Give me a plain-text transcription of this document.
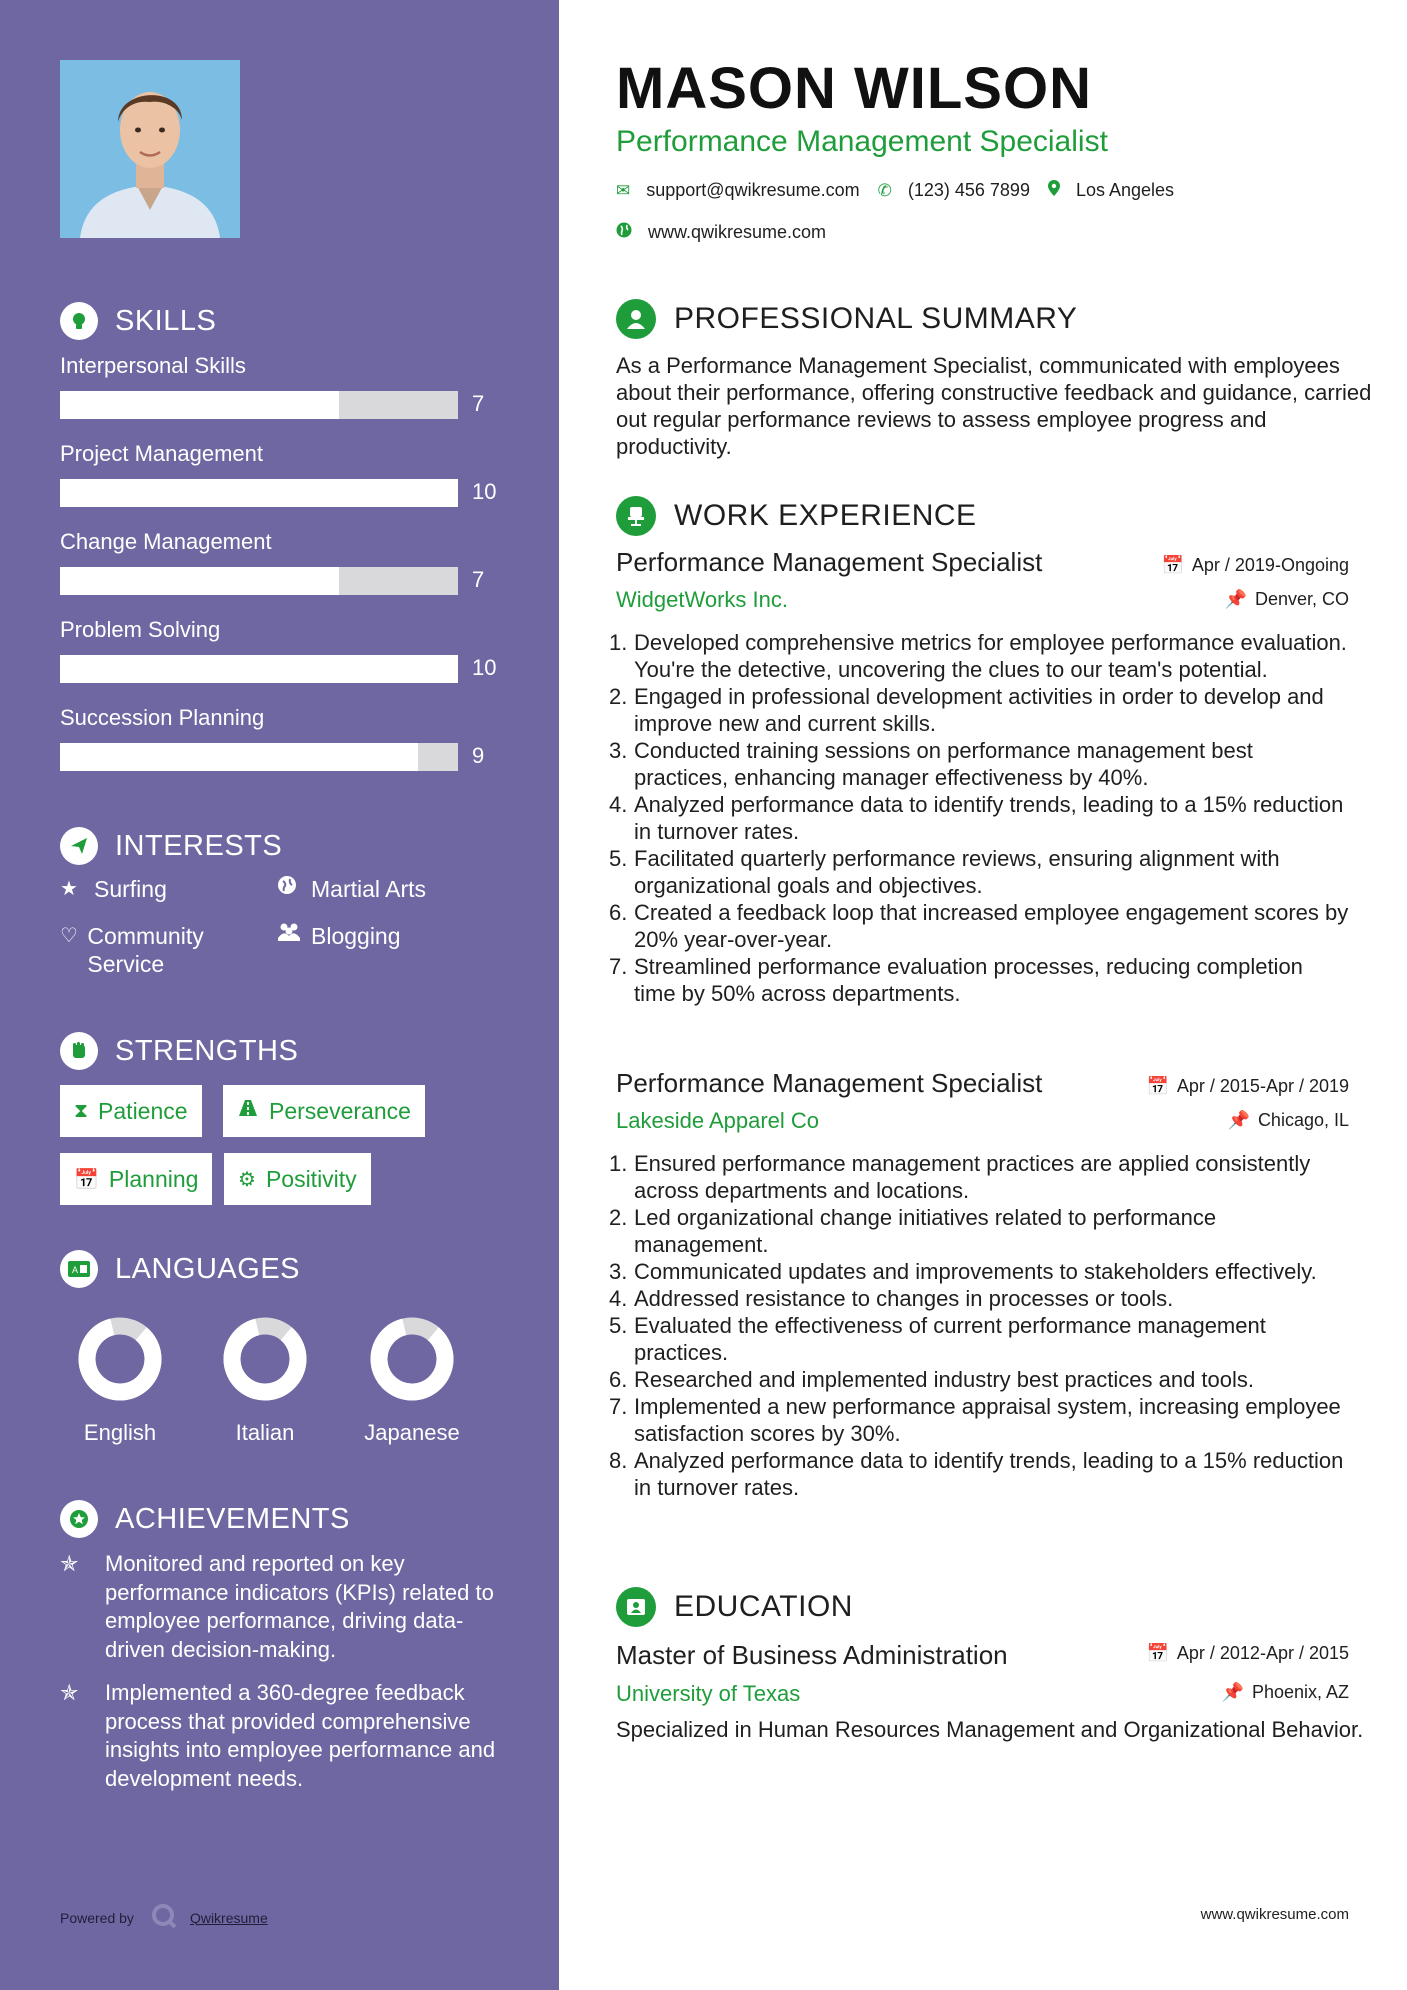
SKILLS
Interpersonal Skills
7
Project Management
10
Change Management
7
Problem Solving
10
Succession Planning
9
INTERESTS
★ Surfing	Martial Arts
♡ Community Service
Blogging
STRENGTHS
⧗ Patience	Perseverance
📅 Planning ⚙ Positivity
A LANGUAGES
English	Italian	Japanese
ACHIEVEMENTS
✯	Monitored and reported on key performance indicators (KPIs) related to employee performance, driving data-driven decision-making.
✯	Implemented a 360-degree feedback process that provided comprehensive insights into employee performance and development needs.
Powered by	Qwikresume
MASON WILSON
Performance Management Specialist
✉ support@qwikresume.com ✆ (123) 456 7899	Los Angeles
www.qwikresume.com
PROFESSIONAL SUMMARY
As a Performance Management Specialist, communicated with employees about their performance, offering constructive feedback and guidance, carried out regular performance reviews to assess employee progress and productivity.
WORK EXPERIENCE
Performance Management Specialist	📅 Apr / 2019-Ongoing
WidgetWorks Inc.	📌 Denver, CO
1. Developed comprehensive metrics for employee performance evaluation. You're the detective, uncovering the clues to our team's potential.
2. Engaged in professional development activities in order to develop and improve new and current skills.
3. Conducted training sessions on performance management best practices, enhancing manager effectiveness by 40%.
4. Analyzed performance data to identify trends, leading to a 15% reduction in turnover rates.
5. Facilitated quarterly performance reviews, ensuring alignment with organizational goals and objectives.
6. Created a feedback loop that increased employee engagement scores by 20% year-over-year.
7. Streamlined performance evaluation processes, reducing completion time by 50% across departments.
Performance Management Specialist	📅 Apr / 2015-Apr / 2019
Lakeside Apparel Co	📌 Chicago, IL
1. Ensured performance management practices are applied consistently across departments and locations.
2. Led organizational change initiatives related to performance management.
3. Communicated updates and improvements to stakeholders effectively.
4. Addressed resistance to changes in processes or tools.
5. Evaluated the effectiveness of current performance management practices.
6. Researched and implemented industry best practices and tools.
7. Implemented a new performance appraisal system, increasing employee satisfaction scores by 30%.
8. Analyzed performance data to identify trends, leading to a 15% reduction in turnover rates.
EDUCATION
Master of Business Administration	📅 Apr / 2012-Apr / 2015
University of Texas	📌 Phoenix, AZ
Specialized in Human Resources Management and Organizational Behavior.
www.qwikresume.com
